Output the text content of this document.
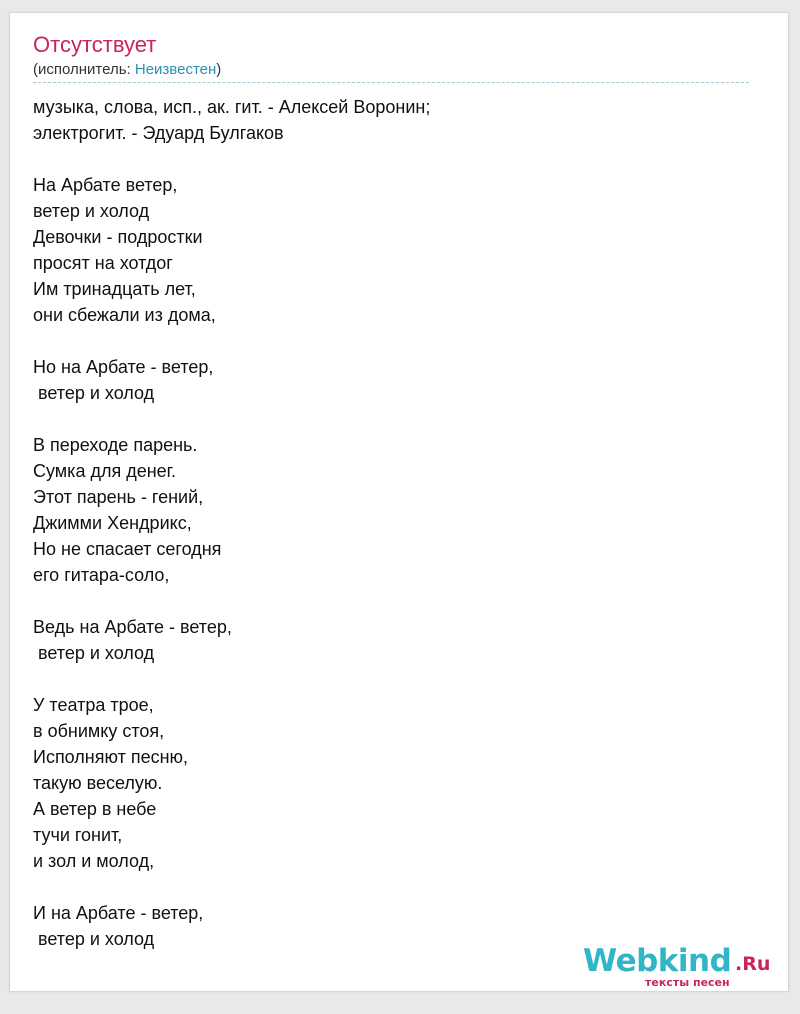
Отсутствует
(исполнитель: Неизвестен)
музыка, слова, исп., ак. гит. - Алексей Воронин;
электрогит. - Эдуард Булгаков
На Арбате ветер,
ветер и холод
Девочки - подростки
просят на хотдог
Им тринадцать лет,
они сбежали из дома,
Но на Арбате - ветер,
ветер и холод
В переходе парень.
Сумка для денег.
Этот парень - гений,
Джимми Хендрикс,
Но не спасает сегодня
его гитара-соло,
Ведь на Арбате - ветер,
ветер и холод
У театра трое,
в обнимку стоя,
Исполняют песню,
такую веселую.
А ветер в небе
тучи гонит,
и зол и молод,
И на Арбате - ветер,
ветер и холод
Webkind .Ru
тексты песен
